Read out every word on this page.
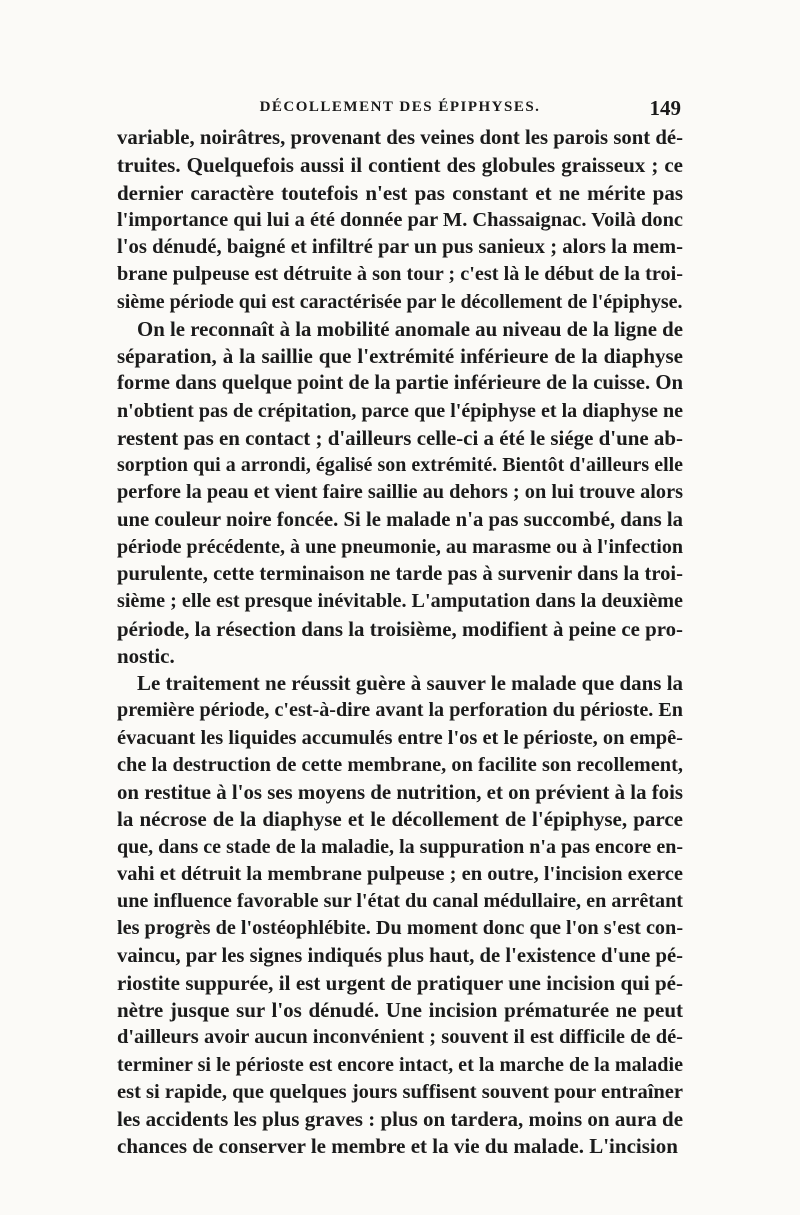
DÉCOLLEMENT DES ÉPIPHYSES.	149
variable, noirâtres, provenant des veines dont les parois sont dé-
truites. Quelquefois aussi il contient des globules graisseux ; ce
dernier caractère toutefois n'est pas constant et ne mérite pas
l'importance qui lui a été donnée par M. Chassaignac. Voilà donc
l'os dénudé, baigné et infiltré par un pus sanieux ; alors la mem-
brane pulpeuse est détruite à son tour ; c'est là le début de la troi-
sième période qui est caractérisée par le décollement de l'épiphyse.
On le reconnaît à la mobilité anomale au niveau de la ligne de
séparation, à la saillie que l'extrémité inférieure de la diaphyse
forme dans quelque point de la partie inférieure de la cuisse. On
n'obtient pas de crépitation, parce que l'épiphyse et la diaphyse ne
restent pas en contact ; d'ailleurs celle-ci a été le siége d'une ab-
sorption qui a arrondi, égalisé son extrémité. Bientôt d'ailleurs elle
perfore la peau et vient faire saillie au dehors ; on lui trouve alors
une couleur noire foncée. Si le malade n'a pas succombé, dans la
période précédente, à une pneumonie, au marasme ou à l'infection
purulente, cette terminaison ne tarde pas à survenir dans la troi-
sième ; elle est presque inévitable. L'amputation dans la deuxième
période, la résection dans la troisième, modifient à peine ce pro-
nostic.
Le traitement ne réussit guère à sauver le malade que dans la
première période, c'est-à-dire avant la perforation du périoste. En
évacuant les liquides accumulés entre l'os et le périoste, on empê-
che la destruction de cette membrane, on facilite son recollement,
on restitue à l'os ses moyens de nutrition, et on prévient à la fois
la nécrose de la diaphyse et le décollement de l'épiphyse, parce
que, dans ce stade de la maladie, la suppuration n'a pas encore en-
vahi et détruit la membrane pulpeuse ; en outre, l'incision exerce
une influence favorable sur l'état du canal médullaire, en arrêtant
les progrès de l'ostéophlébite. Du moment donc que l'on s'est con-
vaincu, par les signes indiqués plus haut, de l'existence d'une pé-
riostite suppurée, il est urgent de pratiquer une incision qui pé-
nètre jusque sur l'os dénudé. Une incision prématurée ne peut
d'ailleurs avoir aucun inconvénient ; souvent il est difficile de dé-
terminer si le périoste est encore intact, et la marche de la maladie
est si rapide, que quelques jours suffisent souvent pour entraîner
les accidents les plus graves : plus on tardera, moins on aura de
chances de conserver le membre et la vie du malade. L'incision
